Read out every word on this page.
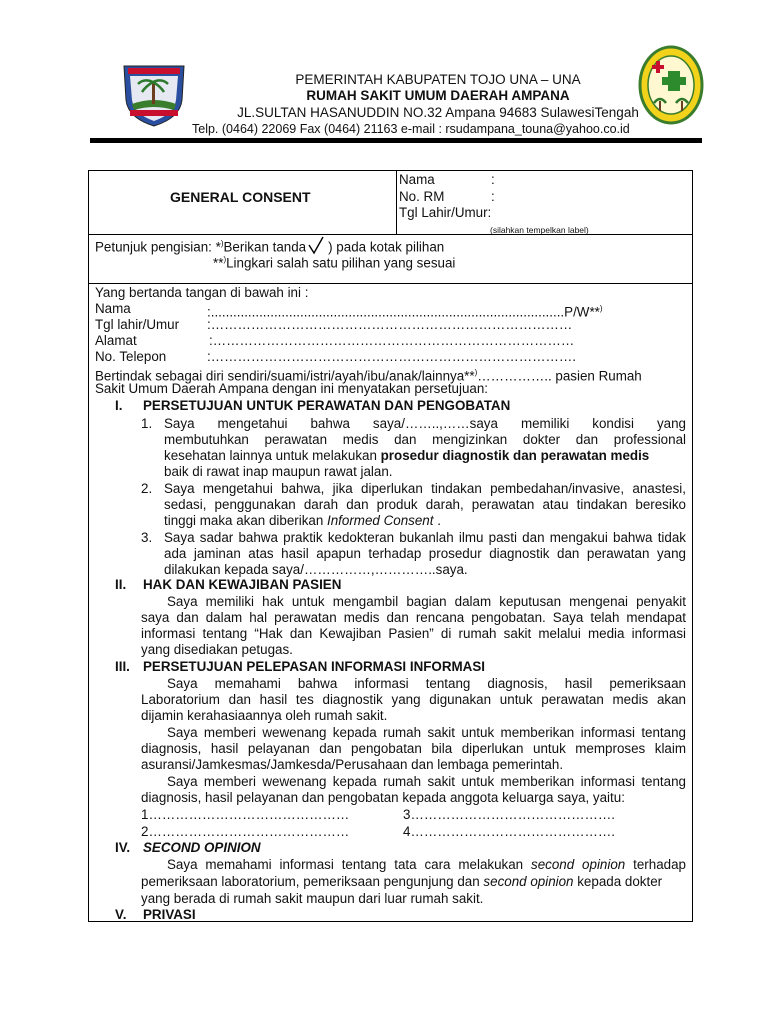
PEMERINTAH KABUPATEN TOJO UNA – UNA
RUMAH SAKIT UMUM DAERAH AMPANA
JL.SULTAN HASANUDDIN NO.32 Ampana 94683 SulawesiTengah
Telp. (0464) 22069 Fax (0464) 21163 e-mail : rsudampana_touna@yahoo.co.id
GENERAL CONSENT
Nama	:
No. RM	:
Tgl Lahir/Umur:
(silahkan tempelkan label)
Petunjuk pengisian: *)Berikan tanda ) pada kotak pilihan
**)Lingkari salah satu pilihan yang sesuai
Yang bertanda tangan di bawah ini :
Nama	:...............................................................................................P/W**)
Tgl lahir/Umur :………………………………………………………………………
Alamat	:………………………………………………………………………
No. Telepon	:……………………………………………………………………….
Bertindak sebagai diri sendiri/suami/istri/ayah/ibu/anak/lainnya**)…………….. pasien Rumah
Sakit Umum Daerah Ampana dengan ini menyatakan persetujuan:
I. PERSETUJUAN UNTUK PERAWATAN DAN PENGOBATAN
1. Saya mengetahui bahwa saya/……..,……saya memiliki kondisi yang
membutuhkan perawatan medis dan mengizinkan dokter dan professional
kesehatan lainnya untuk melakukan prosedur diagnostik dan perawatan medis
baik di rawat inap maupun rawat jalan.
2. Saya mengetahui bahwa, jika diperlukan tindakan pembedahan/invasive, anastesi,
sedasi, penggunakan darah dan produk darah, perawatan atau tindakan beresiko
tinggi maka akan diberikan Informed Consent .
3. Saya sadar bahwa praktik kedokteran bukanlah ilmu pasti dan mengakui bahwa tidak
ada jaminan atas hasil apapun terhadap prosedur diagnostik dan perawatan yang
dilakukan kepada saya/……………,…………..saya.
II. HAK DAN KEWAJIBAN PASIEN
Saya memiliki hak untuk mengambil bagian dalam keputusan mengenai penyakit
saya dan dalam hal perawatan medis dan rencana pengobatan. Saya telah mendapat
informasi tentang “Hak dan Kewajiban Pasien” di rumah sakit melalui media informasi
yang disediakan petugas.
III. PERSETUJUAN PELEPASAN INFORMASI INFORMASI
Saya memahami bahwa informasi tentang diagnosis, hasil pemeriksaan
Laboratorium dan hasil tes diagnostik yang digunakan untuk perawatan medis akan
dijamin kerahasiaannya oleh rumah sakit.
Saya memberi wewenang kepada rumah sakit untuk memberikan informasi tentang
diagnosis, hasil pelayanan dan pengobatan bila diperlukan untuk memproses klaim
asuransi/Jamkesmas/Jamkesda/Perusahaan dan lembaga pemerintah.
Saya memberi wewenang kepada rumah sakit untuk memberikan informasi tentang
diagnosis, hasil pelayanan dan pengobatan kepada anggota keluarga saya, yaitu:
1………………………………………	3……………………………………….
2………………………………………	4……………………………………….
IV. SECOND OPINION
Saya memahami informasi tentang tata cara melakukan second opinion terhadap
pemeriksaan laboratorium, pemeriksaan pengunjung dan second opinion kepada dokter
yang berada di rumah sakit maupun dari luar rumah sakit.
V. PRIVASI
